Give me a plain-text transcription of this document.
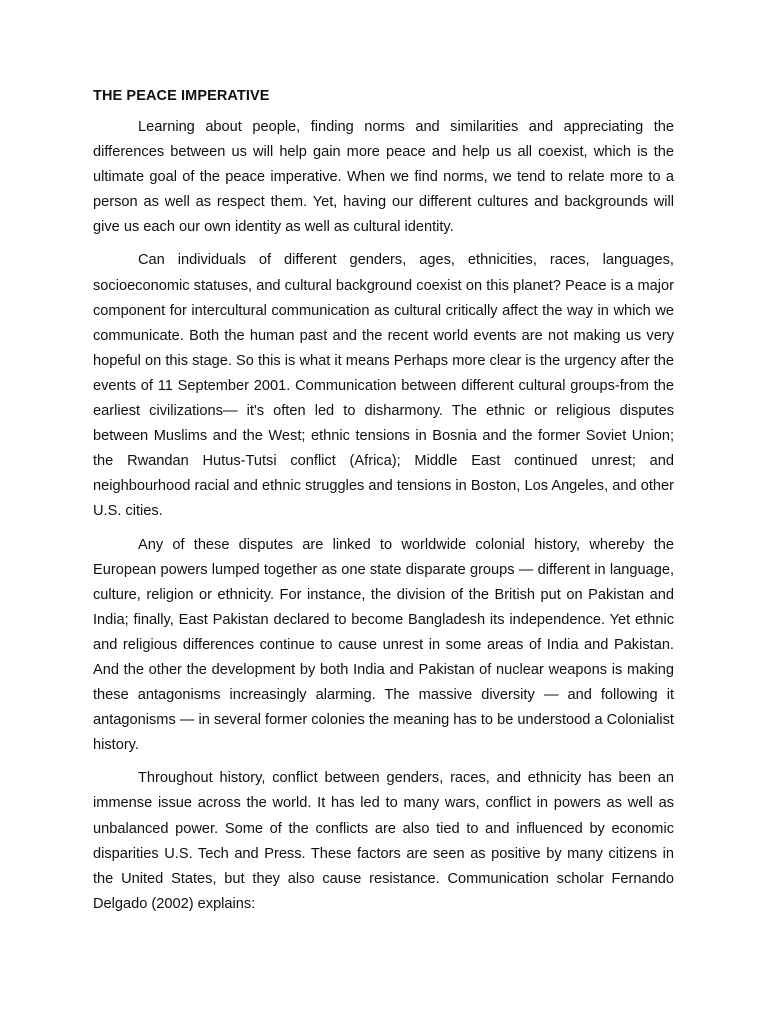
THE PEACE IMPERATIVE

Learning about people, finding norms and similarities and appreciating the differences between us will help gain more peace and help us all coexist, which is the ultimate goal of the peace imperative. When we find norms, we tend to relate more to a person as well as respect them. Yet, having our different cultures and backgrounds will give us each our own identity as well as cultural identity.

Can individuals of different genders, ages, ethnicities, races, languages, socioeconomic statuses, and cultural background coexist on this planet? Peace is a major component for intercultural communication as cultural critically affect the way in which we communicate. Both the human past and the recent world events are not making us very hopeful on this stage. So this is what it means Perhaps more clear is the urgency after the events of 11 September 2001. Communication between different cultural groups-from the earliest civilizations— it's often led to disharmony. The ethnic or religious disputes between Muslims and the West; ethnic tensions in Bosnia and the former Soviet Union; the Rwandan Hutus-Tutsi conflict (Africa); Middle East continued unrest; and neighbourhood racial and ethnic struggles and tensions in Boston, Los Angeles, and other U.S. cities.

Any of these disputes are linked to worldwide colonial history, whereby the European powers lumped together as one state disparate groups — different in language, culture, religion or ethnicity. For instance, the division of the British put on Pakistan and India; finally, East Pakistan declared to become Bangladesh its independence. Yet ethnic and religious differences continue to cause unrest in some areas of India and Pakistan. And the other the development by both India and Pakistan of nuclear weapons is making these antagonisms increasingly alarming. The massive diversity — and following it antagonisms — in several former colonies the meaning has to be understood a Colonialist history.

Throughout history, conflict between genders, races, and ethnicity has been an immense issue across the world. It has led to many wars, conflict in powers as well as unbalanced power. Some of the conflicts are also tied to and influenced by economic disparities U.S. Tech and Press. These factors are seen as positive by many citizens in the United States, but they also cause resistance. Communication scholar Fernando Delgado (2002) explains:
